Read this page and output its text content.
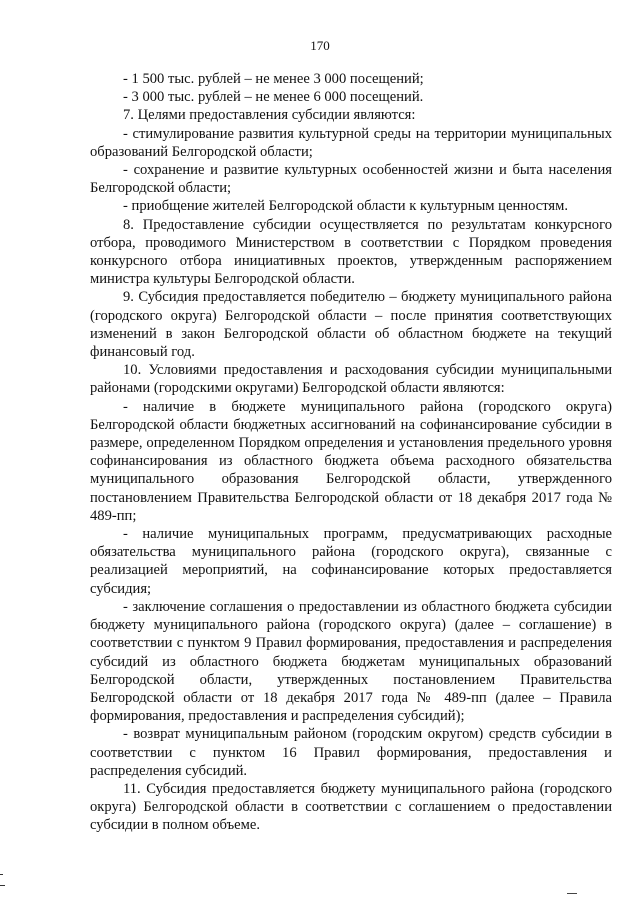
170

- 1 500 тыс. рублей – не менее 3 000 посещений;

- 3 000 тыс. рублей – не менее 6 000 посещений.

7. Целями предоставления субсидии являются:

- стимулирование развития культурной среды на территории муниципальных образований Белгородской области;

- сохранение и развитие культурных особенностей жизни и быта населения Белгородской области;

- приобщение жителей Белгородской области к культурным ценностям.

8. Предоставление субсидии осуществляется по результатам конкурсного отбора, проводимого Министерством в соответствии с Порядком проведения конкурсного отбора инициативных проектов, утвержденным распоряжением министра культуры Белгородской области.

9. Субсидия предоставляется победителю – бюджету муниципального района (городского округа) Белгородской области – после принятия соответствующих изменений в закон Белгородской области об областном бюджете на текущий финансовый год.

10. Условиями предоставления и расходования субсидии муниципальными районами (городскими округами) Белгородской области являются:

- наличие в бюджете муниципального района (городского округа) Белгородской области бюджетных ассигнований на софинансирование субсидии в размере, определенном Порядком определения и установления предельного уровня софинансирования из областного бюджета объема расходного обязательства муниципального образования Белгородской области, утвержденного постановлением Правительства Белгородской области от 18 декабря 2017 года № 489-пп;

- наличие муниципальных программ, предусматривающих расходные обязательства муниципального района (городского округа), связанные с реализацией мероприятий, на софинансирование которых предоставляется субсидия;

- заключение соглашения о предоставлении из областного бюджета субсидии бюджету муниципального района (городского округа) (далее – соглашение) в соответствии с пунктом 9 Правил формирования, предоставления и распределения субсидий из областного бюджета бюджетам муниципальных образований Белгородской области, утвержденных постановлением Правительства Белгородской области от 18 декабря 2017 года № 489-пп (далее – Правила формирования, предоставления и распределения субсидий);

- возврат муниципальным районом (городским округом) средств субсидии в соответствии с пунктом 16 Правил формирования, предоставления и распределения субсидий.

11. Субсидия предоставляется бюджету муниципального района (городского округа) Белгородской области в соответствии с соглашением о предоставлении субсидии в полном объеме.
